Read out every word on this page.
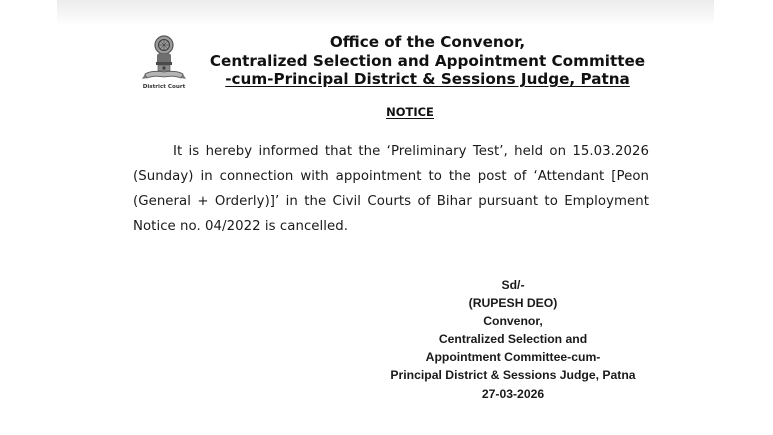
District Court
Office of the Convenor,
Centralized Selection and Appointment Committee
-cum-Principal District & Sessions Judge, Patna
NOTICE

It is hereby informed that the ‘Preliminary Test’, held on 15.03.2026 (Sunday) in connection with appointment to the post of ‘Attendant [Peon (General + Orderly)]’ in the Civil Courts of Bihar pursuant to Employment Notice no. 04/2022 is cancelled.

Sd/-
(RUPESH DEO)
Convenor,
Centralized Selection and
Appointment Committee-cum-
Principal District & Sessions Judge, Patna
27-03-2026
